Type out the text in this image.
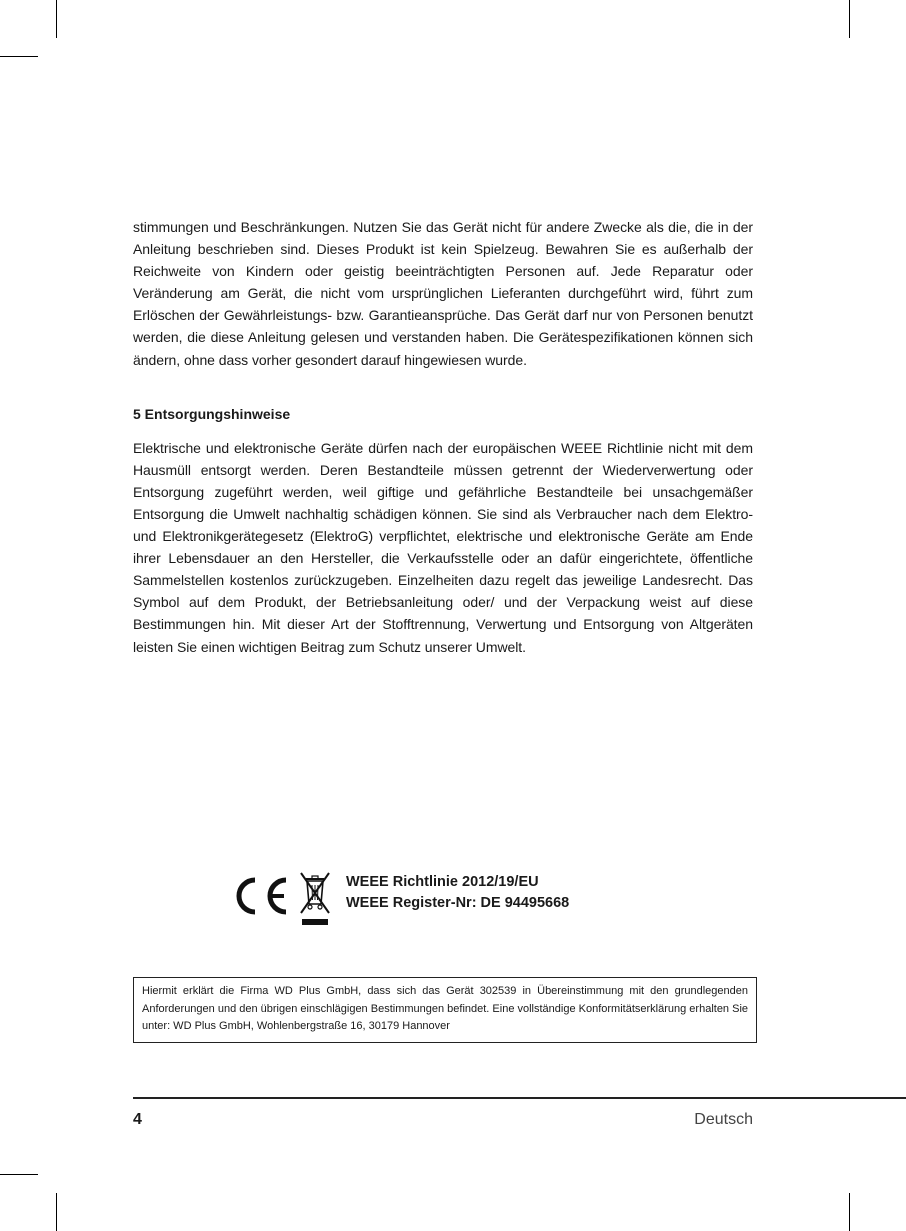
stimmungen und Beschränkungen. Nutzen Sie das Gerät nicht für andere Zwecke als die, die in der Anleitung beschrieben sind. Dieses Produkt ist kein Spielzeug. Bewahren Sie es außerhalb der Reichweite von Kindern oder geistig beeinträchtigten Personen auf. Jede Reparatur oder Veränderung am Gerät, die nicht vom ursprünglichen Lieferanten durchgeführt wird, führt zum Erlöschen der Gewährleistungs- bzw. Garantieansprüche. Das Gerät darf nur von Personen benutzt werden, die diese Anleitung gelesen und verstanden haben. Die Gerätespezifikationen können sich ändern, ohne dass vorher gesondert darauf hingewiesen wurde.

5 Entsorgungshinweise

Elektrische und elektronische Geräte dürfen nach der europäischen WEEE Richtlinie nicht mit dem Hausmüll entsorgt werden. Deren Bestandteile müssen getrennt der Wiederverwertung oder Entsorgung zugeführt werden, weil giftige und gefährliche Bestandteile bei unsachgemäßer Entsorgung die Umwelt nachhaltig schädigen können. Sie sind als Verbraucher nach dem Elektro- und Elektronikgerätegesetz (ElektroG) verpflichtet, elektrische und elektronische Geräte am Ende ihrer Lebensdauer an den Hersteller, die Verkaufsstelle oder an dafür eingerichtete, öffentliche Sammelstellen kostenlos zurückzugeben. Einzelheiten dazu regelt das jeweilige Landesrecht. Das Symbol auf dem Produkt, der Betriebsanleitung oder/ und der Verpackung weist auf diese Bestimmungen hin. Mit dieser Art der Stofftrennung, Verwertung und Entsorgung von Altgeräten leisten Sie einen wichtigen Beitrag zum Schutz unserer Umwelt.

WEEE Richtlinie 2012/19/EU
WEEE Register-Nr: DE 94495668
Hiermit erklärt die Firma WD Plus GmbH, dass sich das Gerät 302539 in Übereinstimmung mit den grundlegenden Anforderungen und den übrigen einschlägigen Bestimmungen befindet. Eine vollständige Konformitätserklärung erhalten Sie unter: WD Plus GmbH, Wohlenbergstraße 16, 30179 Hannover
4	Deutsch
